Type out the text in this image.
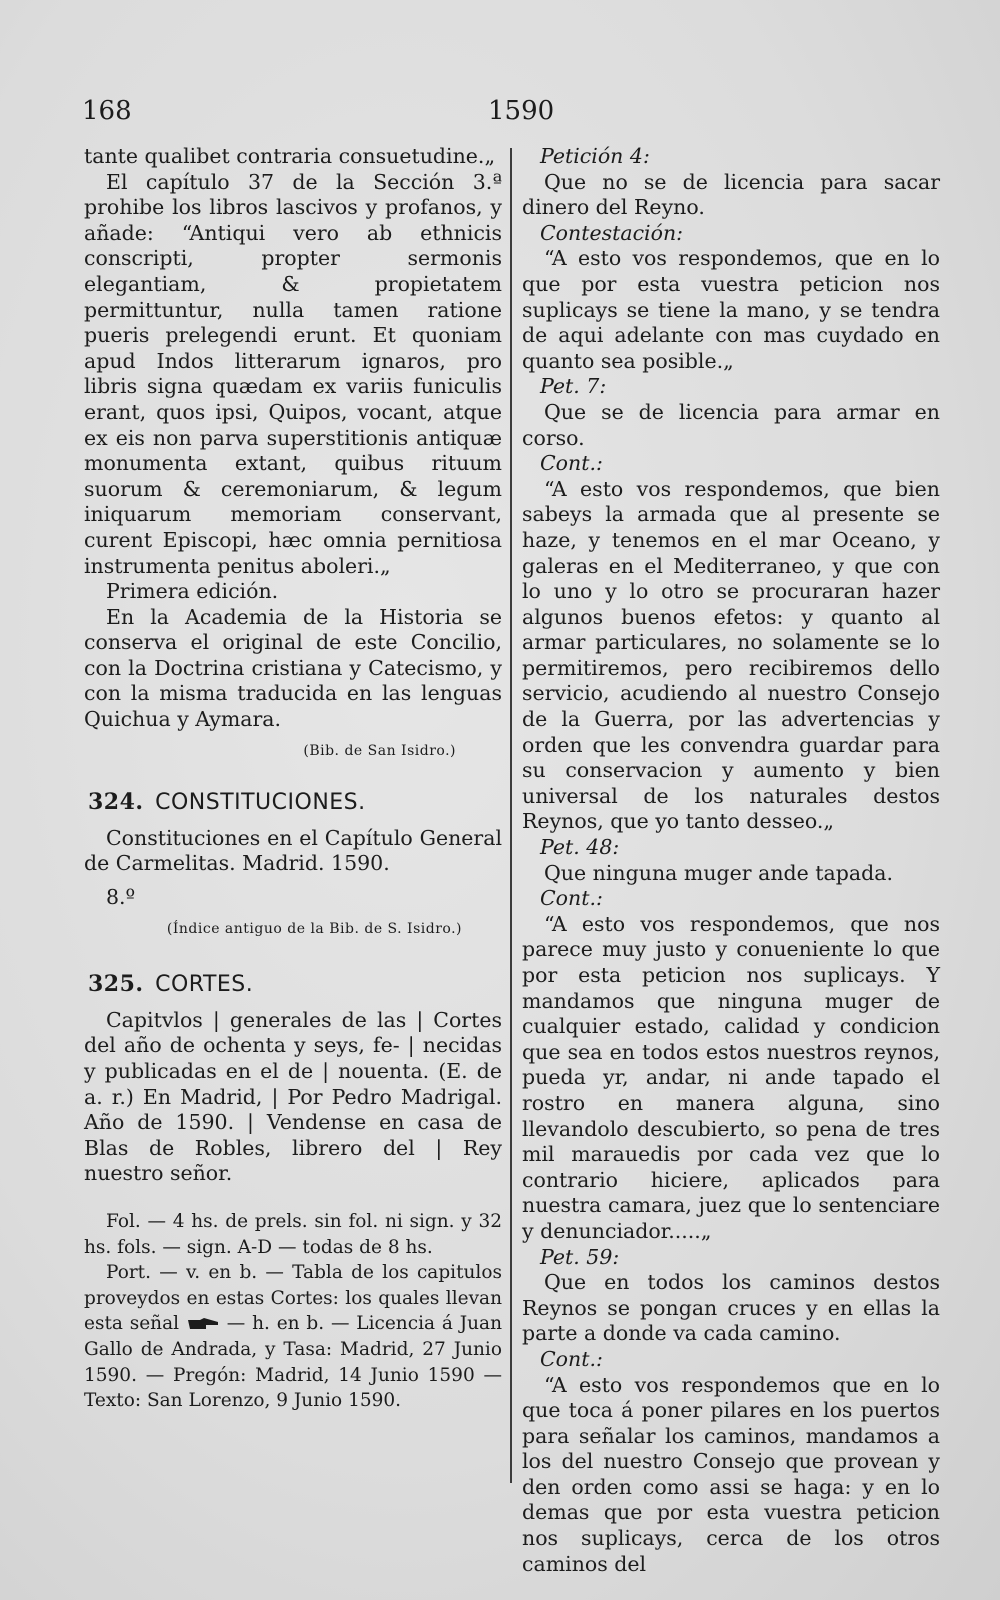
168	1590

tante qualibet contraria consuetudine.„

El capítulo 37 de la Sección 3.ª prohibe los libros lascivos y profanos, y añade: “Antiqui vero ab ethnicis conscripti, propter sermonis elegantiam, & propietatem permittuntur, nulla tamen ratione pueris prelegendi erunt. Et quoniam apud Indos litterarum ignaros, pro libris signa quædam ex variis funiculis erant, quos ipsi, Quipos, vocant, atque ex eis non parva superstitionis antiquæ monumenta extant, quibus rituum suorum & ceremoniarum, & legum iniquarum memoriam conservant, curent Episcopi, hæc omnia pernitiosa instrumenta penitus aboleri.„

Primera edición.

En la Academia de la Historia se conserva el original de este Concilio, con la Doctrina cristiana y Catecismo, y con la misma traducida en las lenguas Quichua y Aymara.

(Bib. de San Isidro.)

324. CONSTITUCIONES.

Constituciones en el Capítulo General de Carmelitas. Madrid. 1590.

8.º

(Índice antiguo de la Bib. de S. Isidro.)

325. CORTES.

Capitvlos | generales de las | Cortes del año de ochenta y seys, fe- | necidas y publicadas en el de | nouenta. (E. de a. r.) En Madrid, | Por Pedro Madrigal. Año de 1590. | Vendense en casa de Blas de Robles, librero del | Rey nuestro señor.

Fol. — 4 hs. de prels. sin fol. ni sign. y 32 hs. fols. — sign. A-D — todas de 8 hs.

Port. — v. en b. — Tabla de los capitulos proveydos en estas Cortes: los quales llevan esta señal	— h. en b. — Licencia á Juan Gallo de Andrada, y Tasa: Madrid, 27 Junio 1590. — Pregón: Madrid, 14 Junio 1590 — Texto: San Lorenzo, 9 Junio 1590.

Petición 4:

Que no se de licencia para sacar dinero del Reyno.

Contestación:

“A esto vos respondemos, que en lo que por esta vuestra peticion nos suplicays se tiene la mano, y se tendra de aqui adelante con mas cuydado en quanto sea posible.„

Pet. 7:

Que se de licencia para armar en corso.

Cont.:

“A esto vos respondemos, que bien sabeys la armada que al presente se haze, y tenemos en el mar Oceano, y galeras en el Mediterraneo, y que con lo uno y lo otro se procuraran hazer algunos buenos efetos: y quanto al armar particulares, no solamente se lo permitiremos, pero recibiremos dello servicio, acudiendo al nuestro Consejo de la Guerra, por las advertencias y orden que les convendra guardar para su conservacion y aumento y bien universal de los naturales destos Reynos, que yo tanto desseo.„

Pet. 48:

Que ninguna muger ande tapada.

Cont.:

“A esto vos respondemos, que nos parece muy justo y conueniente lo que por esta peticion nos suplicays. Y mandamos que ninguna muger de cualquier estado, calidad y condicion que sea en todos estos nuestros reynos, pueda yr, andar, ni ande tapado el rostro en manera alguna, sino llevandolo descubierto, so pena de tres mil marauedis por cada vez que lo contrario hiciere, aplicados para nuestra camara, juez que lo sentenciare y denunciador.....„

Pet. 59:

Que en todos los caminos destos Reynos se pongan cruces y en ellas la parte a donde va cada camino.

Cont.:

“A esto vos respondemos que en lo que toca á poner pilares en los puertos para señalar los caminos, mandamos a los del nuestro Consejo que provean y den orden como assi se haga: y en lo demas que por esta vuestra peticion nos suplicays, cerca de los otros caminos del
